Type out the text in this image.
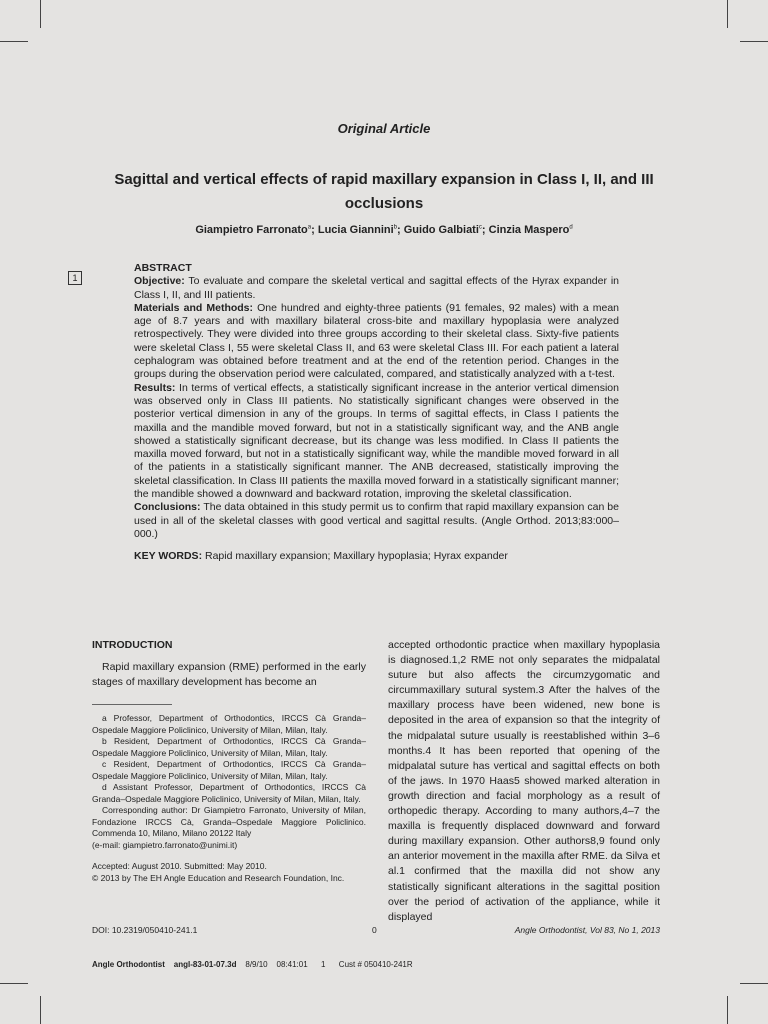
Original Article
Sagittal and vertical effects of rapid maxillary expansion in Class I, II, and III occlusions
Giampietro Farronato$^a$; Lucia Giannini$^b$; Guido Galbiati$^c$; Cinzia Maspero$^d$
1

ABSTRACT

Objective: To evaluate and compare the skeletal vertical and sagittal effects of the Hyrax expander in Class I, II, and III patients.

Materials and Methods: One hundred and eighty-three patients (91 females, 92 males) with a mean age of 8.7 years and with maxillary bilateral cross-bite and maxillary hypoplasia were analyzed retrospectively. They were divided into three groups according to their skeletal class. Sixty-five patients were skeletal Class I, 55 were skeletal Class II, and 63 were skeletal Class III. For each patient a lateral cephalogram was obtained before treatment and at the end of the retention period. Changes in the groups during the observation period were calculated, compared, and statistically analyzed with a t-test.

Results: In terms of vertical effects, a statistically significant increase in the anterior vertical dimension was observed only in Class III patients. No statistically significant changes were observed in the posterior vertical dimension in any of the groups. In terms of sagittal effects, in Class I patients the maxilla and the mandible moved forward, but not in a statistically significant way, and the ANB angle showed a statistically significant decrease, but its change was less modified. In Class II patients the maxilla moved forward, but not in a statistically significant way, while the mandible moved forward in all of the patients in a statistically significant manner. The ANB decreased, statistically improving the skeletal classification. In Class III patients the maxilla moved forward in a statistically significant manner; the mandible showed a downward and backward rotation, improving the skeletal classification.

Conclusions: The data obtained in this study permit us to confirm that rapid maxillary expansion can be used in all of the skeletal classes with good vertical and sagittal results. (Angle Orthod. 2013;83:000–000.)

KEY WORDS: Rapid maxillary expansion; Maxillary hypoplasia; Hyrax expander

INTRODUCTION

Rapid maxillary expansion (RME) performed in the early stages of maxillary development has become an

a Professor, Department of Orthodontics, IRCCS Cà Granda–Ospedale Maggiore Policlinico, University of Milan, Milan, Italy.

b Resident, Department of Orthodontics, IRCCS Cà Granda–Ospedale Maggiore Policlinico, University of Milan, Milan, Italy.

c Resident, Department of Orthodontics, IRCCS Cà Granda–Ospedale Maggiore Policlinico, University of Milan, Milan, Italy.

d Assistant Professor, Department of Orthodontics, IRCCS Cà Granda–Ospedale Maggiore Policlinico, University of Milan, Milan, Italy.

Corresponding author: Dr Giampietro Farronato, University of Milan, Fondazione IRCCS Cà, Granda–Ospedale Maggiore Policlinico. Commenda 10, Milano, Milano 20122 Italy

(e-mail: giampietro.farronato@unimi.it)

Accepted: August 2010. Submitted: May 2010.

© 2013 by The EH Angle Education and Research Foundation, Inc.

accepted orthodontic practice when maxillary hypoplasia is diagnosed.1,2 RME not only separates the midpalatal suture but also affects the circumzygomatic and circummaxillary sutural system.3 After the halves of the maxillary process have been widened, new bone is deposited in the area of expansion so that the integrity of the midpalatal suture usually is reestablished within 3–6 months.4 It has been reported that opening of the midpalatal suture has vertical and sagittal effects on both of the jaws. In 1970 Haas5 showed marked alteration in growth direction and facial morphology as a result of orthopedic therapy. According to many authors,4–7 the maxilla is frequently displaced downward and forward during maxillary expansion. Other authors8,9 found only an anterior movement in the maxilla after RME. da Silva et al.1 confirmed that the maxilla did not show any statistically significant alterations in the sagittal position over the period of activation of the appliance, while it displayed
DOI: 10.2319/050410-241.1	0	Angle Orthodontist, Vol 83, No 1, 2013
Angle Orthodontist angl-83-01-07.3d 8/9/10 08:41:01 1 Cust # 050410-241R
